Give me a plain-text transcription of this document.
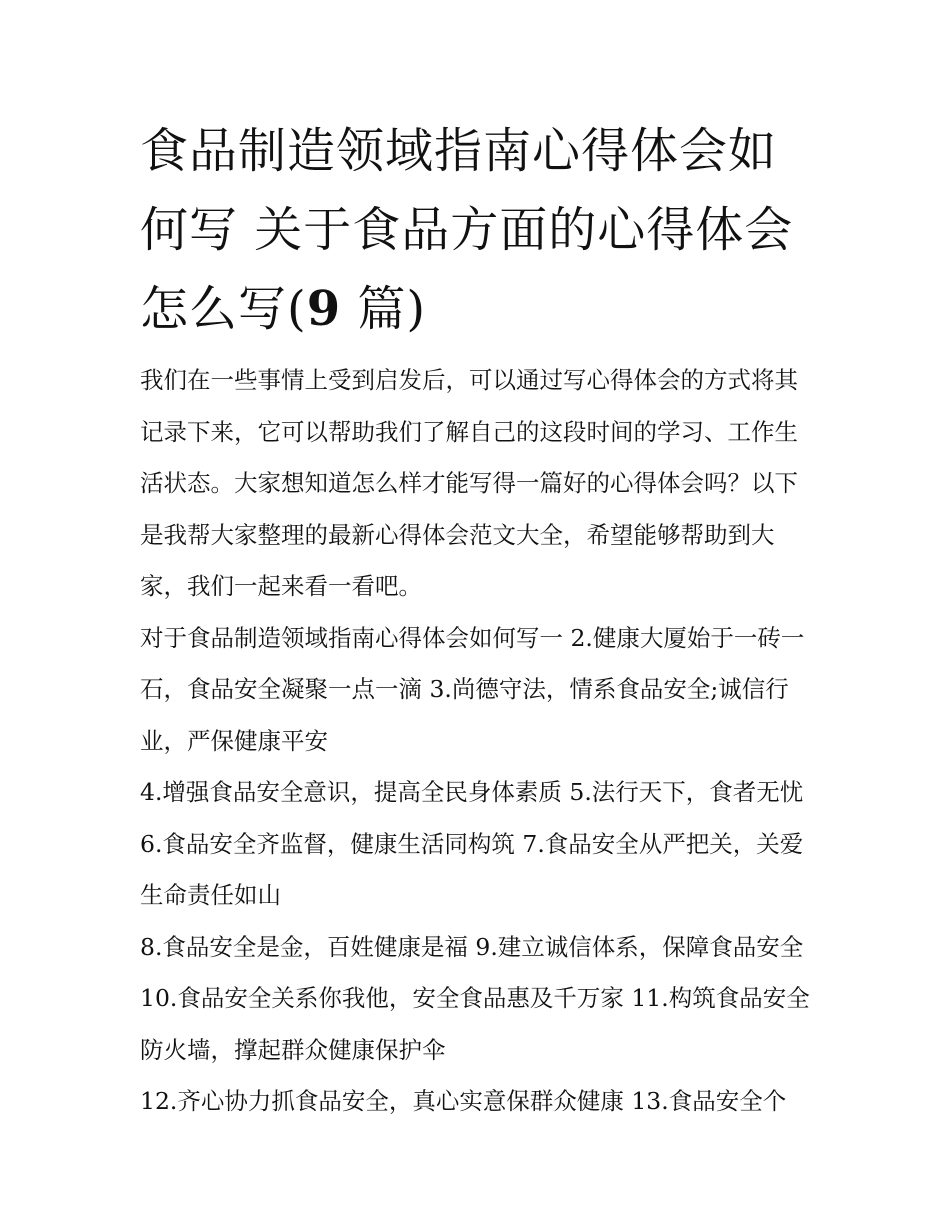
食品制造领域指南心得体会如何写 关于食品方面的心得体会怎么写(9 篇)

我们在一些事情上受到启发后，可以通过写心得体会的方式将其记录下来，它可以帮助我们了解自己的这段时间的学习、工作生活状态。大家想知道怎么样才能写得一篇好的心得体会吗？以下是我帮大家整理的最新心得体会范文大全，希望能够帮助到大家，我们一起来看一看吧。

对于食品制造领域指南心得体会如何写一 2.健康大厦始于一砖一石，食品安全凝聚一点一滴 3.尚德守法，情系食品安全;诚信行业，严保健康平安

4.增强食品安全意识，提高全民身体素质 5.法行天下，食者无忧 6.食品安全齐监督，健康生活同构筑 7.食品安全从严把关，关爱生命责任如山

8.食品安全是金，百姓健康是福 9.建立诚信体系，保障食品安全 10.食品安全关系你我他，安全食品惠及千万家 11.构筑食品安全防火墙，撑起群众健康保护伞

12.齐心协力抓食品安全，真心实意保群众健康 13.食品安全个
